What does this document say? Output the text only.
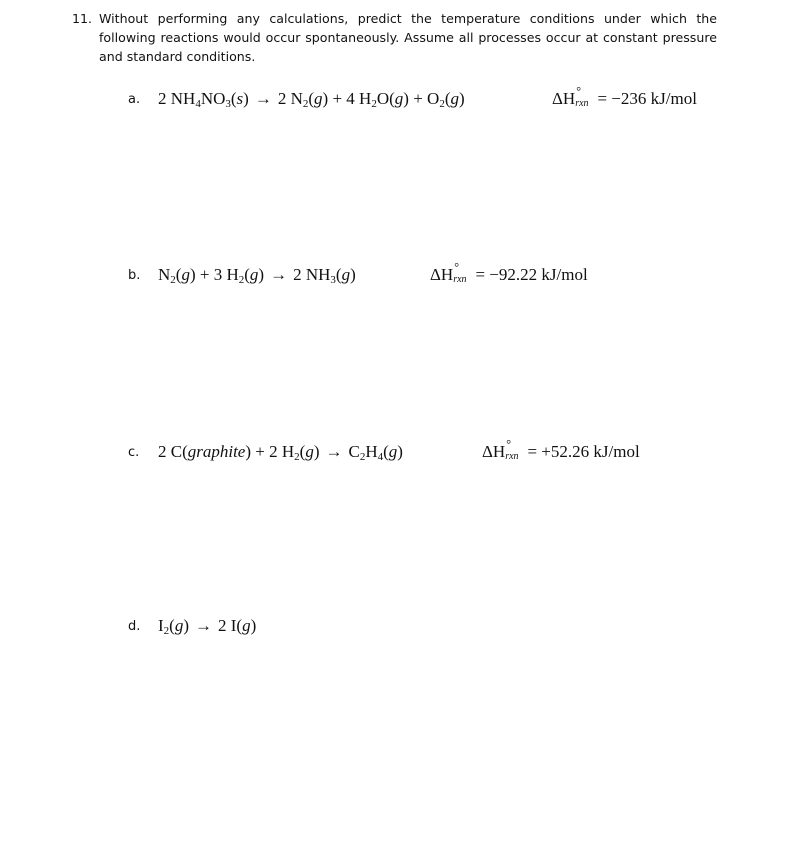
11. Without performing any calculations, predict the temperature conditions under which the following reactions would occur spontaneously. Assume all processes occur at constant pressure and standard conditions.
a. 2 $NH_4NO_3(s) \to 2$ $N_2(g) + 4$ $H_2O(g) + O_2(g)$	ΔH °
rxn = −236 kJ/mol
b. $N_2(g) + 3$ $H_2(g) \to 2$ $NH_3(g)$	ΔH °
rxn = −92.22 kJ/mol
c. 2 C(graphite) + 2 $H_2(g) \to C_2H_4(g)$	ΔH °
rxn = +52.26 kJ/mol
d. $I_2(g) \to 2$ I(g)
